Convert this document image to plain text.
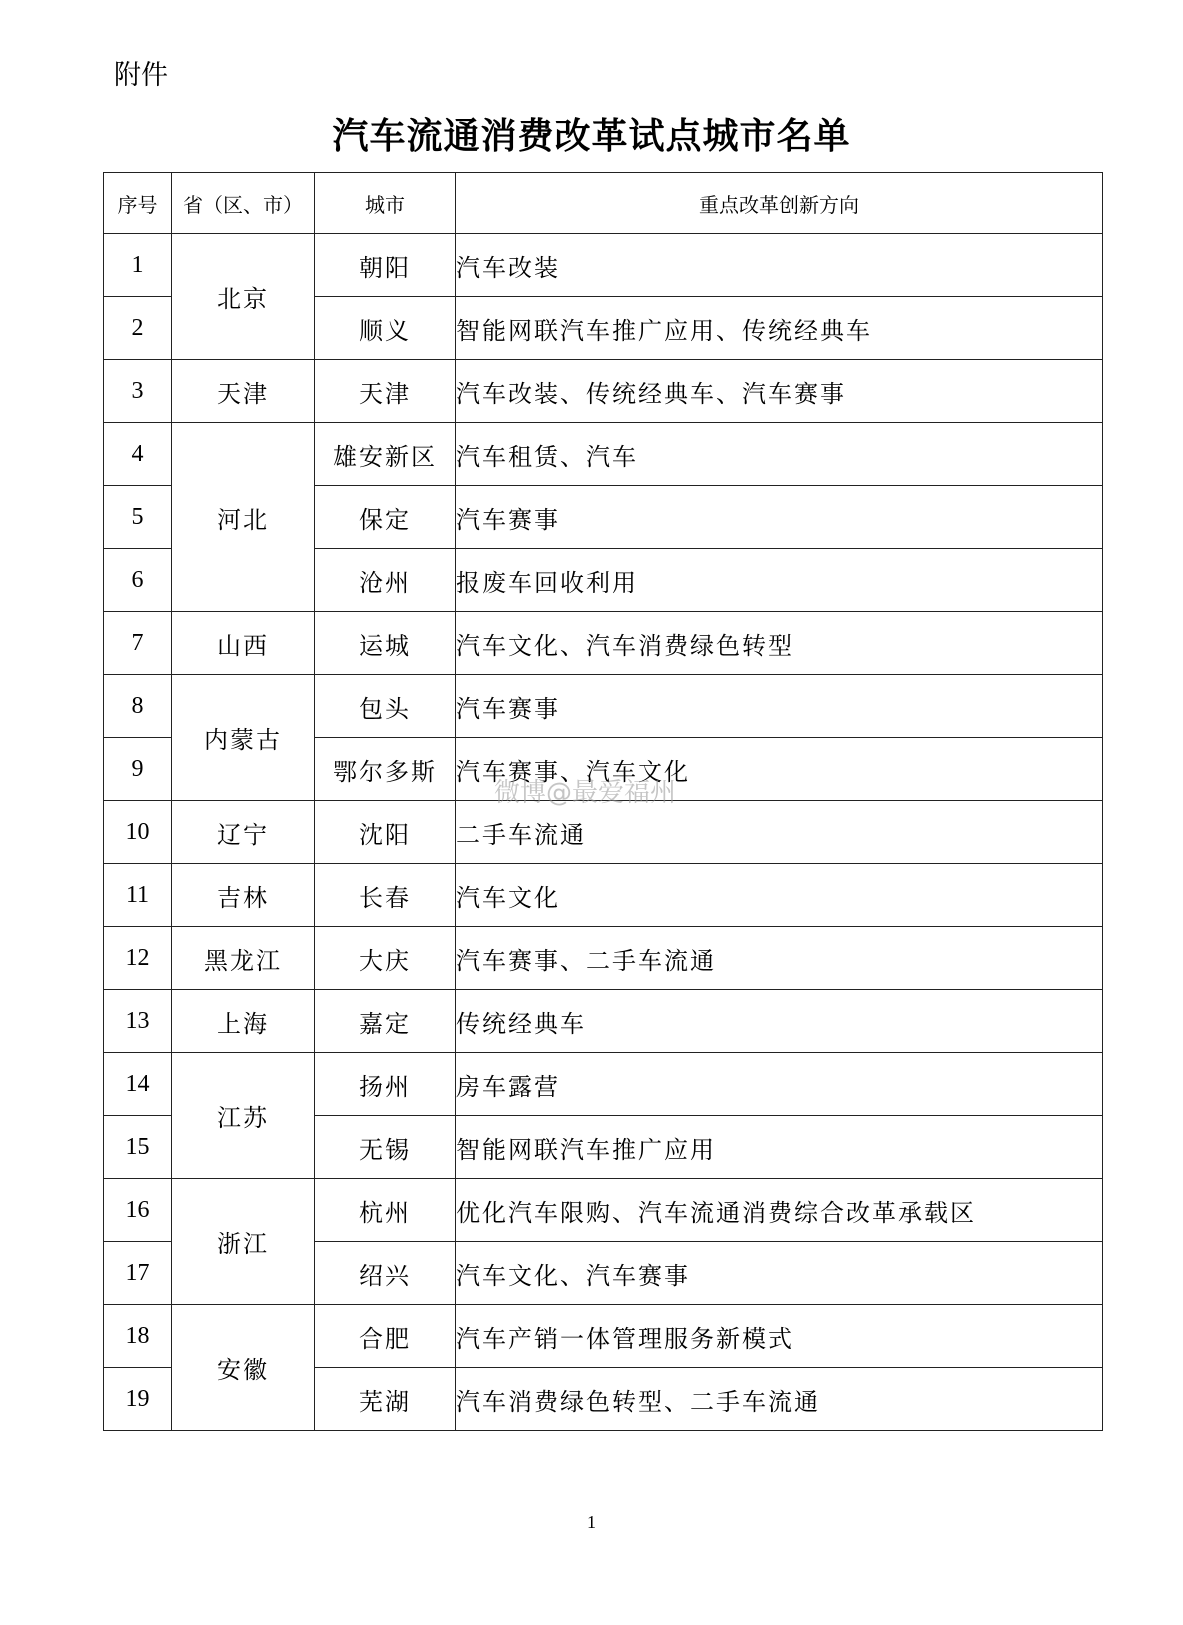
附件
汽车流通消费改革试点城市名单
序号	省（区、市）	城市	重点改革创新方向
1	北京	朝阳	汽车改装
2		顺义	智能网联汽车推广应用、传统经典车
3	天津	天津	汽车改装、传统经典车、汽车赛事
4	河北	雄安新区	汽车租赁、汽车
5		保定	汽车赛事
6		沧州	报废车回收利用
7	山西	运城	汽车文化、汽车消费绿色转型
8	内蒙古	包头	汽车赛事
9		鄂尔多斯	汽车赛事、汽车文化
10	辽宁	沈阳	二手车流通
11	吉林	长春	汽车文化
12	黑龙江	大庆	汽车赛事、二手车流通
13	上海	嘉定	传统经典车
14	江苏	扬州	房车露营
15		无锡	智能网联汽车推广应用
16	浙江	杭州	优化汽车限购、汽车流通消费综合改革承载区
17		绍兴	汽车文化、汽车赛事
18	安徽	合肥	汽车产销一体管理服务新模式
19		芜湖	汽车消费绿色转型、二手车流通
微博@最爱福州
1
